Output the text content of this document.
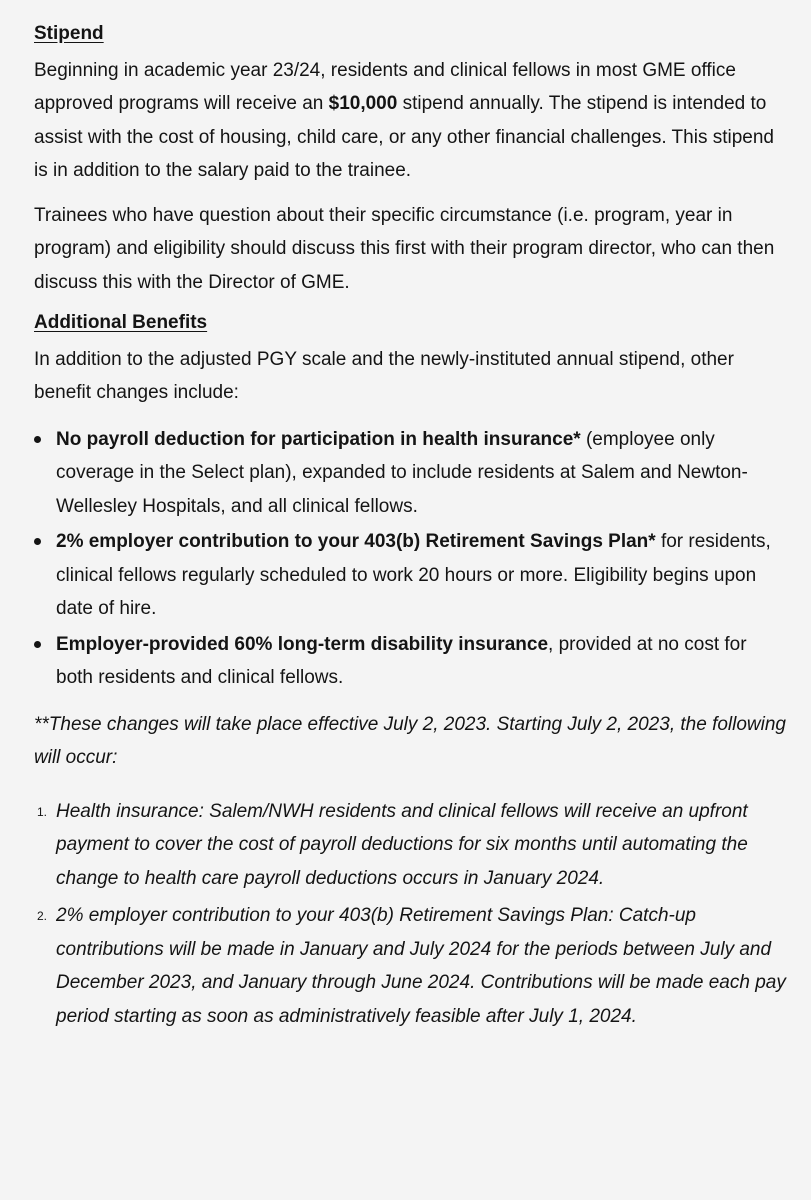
Stipend

Beginning in academic year 23/24, residents and clinical fellows in most GME office approved programs will receive an $10,000 stipend annually. The stipend is intended to assist with the cost of housing, child care, or any other financial challenges. This stipend is in addition to the salary paid to the trainee.

Trainees who have question about their specific circumstance (i.e. program, year in program) and eligibility should discuss this first with their program director, who can then discuss this with the Director of GME.

Additional Benefits

In addition to the adjusted PGY scale and the newly-instituted annual stipend, other benefit changes include:

No payroll deduction for participation in health insurance* (employee only coverage in the Select plan), expanded to include residents at Salem and Newton-Wellesley Hospitals, and all clinical fellows.
2% employer contribution to your 403(b) Retirement Savings Plan* for residents, clinical fellows regularly scheduled to work 20 hours or more. Eligibility begins upon date of hire.
Employer-provided 60% long-term disability insurance, provided at no cost for both residents and clinical fellows.

**These changes will take place effective July 2, 2023. Starting July 2, 2023, the following will occur:

1. Health insurance: Salem/NWH residents and clinical fellows will receive an upfront payment to cover the cost of payroll deductions for six months until automating the change to health care payroll deductions occurs in January 2024.
2. 2% employer contribution to your 403(b) Retirement Savings Plan: Catch-up contributions will be made in January and July 2024 for the periods between July and December 2023, and January through June 2024. Contributions will be made each pay period starting as soon as administratively feasible after July 1, 2024.
